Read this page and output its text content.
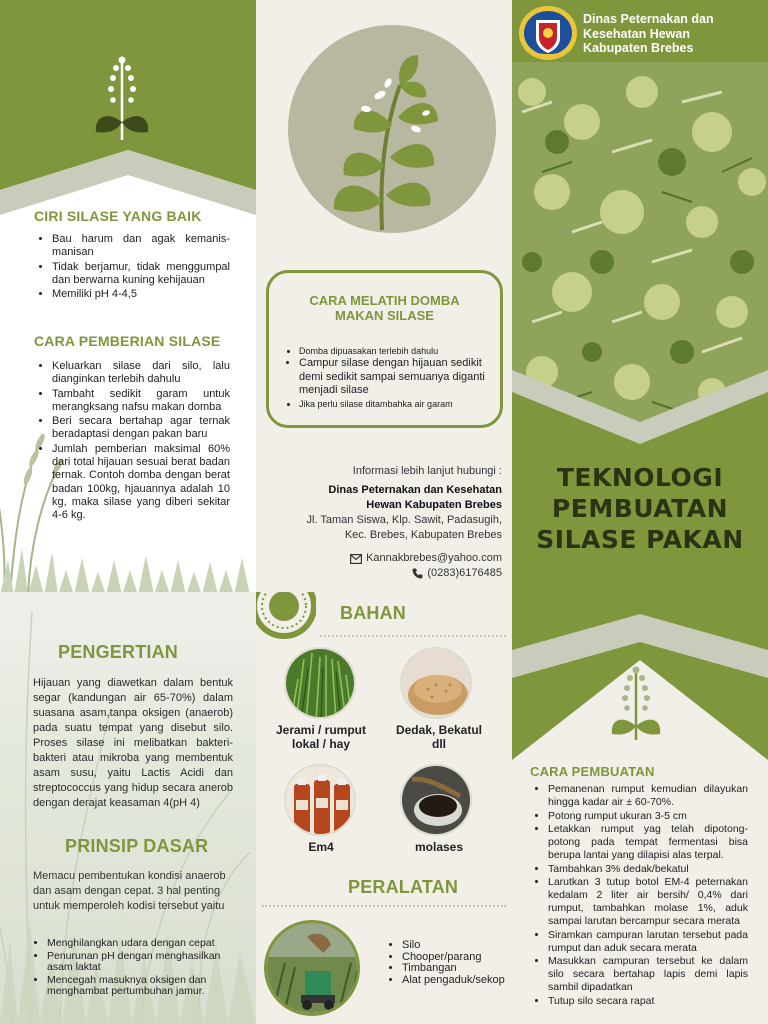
CIRI SILASE YANG BAIK
• Bau harum dan agak kemanis-manisan
• Tidak berjamur, tidak menggumpal dan berwarna kuning kehijauan
• Memiliki pH 4-4,5
CARA PEMBERIAN SILASE
• Keluarkan silase dari silo, lalu dianginkan terlebih dahulu
• Tambaht sedikit garam untuk merangksang nafsu makan domba
• Beri secara bertahap agar ternak beradaptasi dengan pakan baru
• Jumlah pemberian maksimal 60% dari total hijauan sesuai berat badan ternak. Contoh domba dengan berat badan 100kg, hjauannya adalah 10 kg, maka silase yang diberi sekitar 4-6 kg.
PENGERTIAN

Hijauan yang diawetkan dalam bentuk segar (kandungan air 65-70%) dalam suasana asam,tanpa oksigen (anaerob) pada suatu tempat yang disebut silo. Proses silase ini melibatkan bakteri-bakteri atau mikroba yang membentuk asam susu, yaitu Lactis Acidi dan streptococcus yang hidup secara anerob dengan derajat keasaman 4(pH 4)

PRINSIP DASAR

Memacu pembentukan kondisi anaerob dan asam dengan cepat. 3 hal penting untuk memperoleh kodisi tersebut yaitu

• Menghilangkan udara dengan cepat
• Penurunan pH dengan menghasilkan asam laktat
• Mencegah masuknya oksigen dan menghambat pertumbuhan jamur.
CARA MELATIH DOMBA
MAKAN SILASE
• Domba dipuasakan terlebih dahulu
• Campur silase dengan hijauan sedikit demi sedikit sampai semuanya diganti menjadi silase
• Jika perlu silase ditambahka air garam
Informasi lebih lanjut hubungi :
Dinas Peternakan dan Kesehatan
Hewan Kabupaten Brebes
Jl. Taman Siswa, Klp. Sawit, Padasugih,
Kec. Brebes, Kabupaten Brebes
Kannakbrebes@yahoo.com
(0283)6176485
BAHAN
Jerami / rumput
lokal / hay
Dedak, Bekatul
dll
Em4	molases
PERALATAN
• Silo
• Chooper/parang
• Timbangan
• Alat pengaduk/sekop
Dinas Peternakan dan
Kesehatan Hewan
Kabupaten Brebes
TEKNOLOGI
PEMBUATAN
SILASE PAKAN
CARA PEMBUATAN
• Pemanenan rumput kemudian dilayukan hingga kadar air ± 60-70%.
• Potong rumput ukuran 3-5 cm
• Letakkan rumput yag telah dipotong-potong pada tempat fermentasi bisa berupa lantai yang dilapisi alas terpal.
• Tambahkan 3% dedak/bekatul
• Larutkan 3 tutup botol EM-4 peternakan kedalam 2 liter air bersih/ 0,4% dari rumput, tambahkan molase 1%, aduk sampai larutan bercampur secara merata
• Siramkan campuran larutan tersebut pada rumput dan aduk secara merata
• Masukkan campuran tersebut ke dalam silo secara bertahap lapis demi lapis sambil dipadatkan
• Tutup silo secara rapat
